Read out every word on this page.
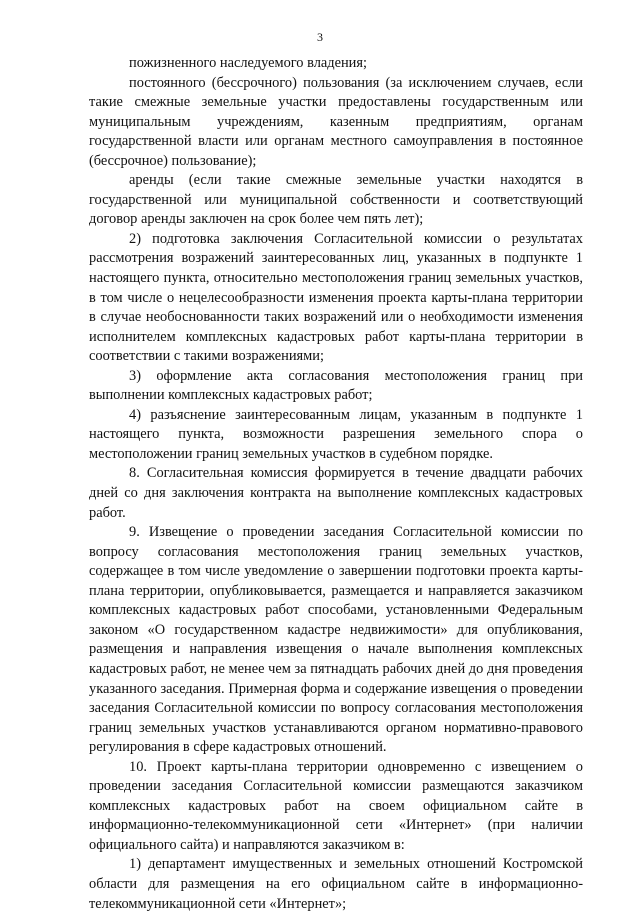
3

пожизненного наследуемого владения;

постоянного (бессрочного) пользования (за исключением случаев, если такие смежные земельные участки предоставлены государственным или муниципальным учреждениям, казенным предприятиям, органам государственной власти или органам местного самоуправления в постоянное (бессрочное) пользование);

аренды (если такие смежные земельные участки находятся в государственной или муниципальной собственности и соответствующий договор аренды заключен на срок более чем пять лет);

2) подготовка заключения Согласительной комиссии о результатах рассмотрения возражений заинтересованных лиц, указанных в подпункте 1 настоящего пункта, относительно местоположения границ земельных участков, в том числе о нецелесообразности изменения проекта карты-плана территории в случае необоснованности таких возражений или о необходимости изменения исполнителем комплексных кадастровых работ карты-плана территории в соответствии с такими возражениями;

3) оформление акта согласования местоположения границ при выполнении комплексных кадастровых работ;

4) разъяснение заинтересованным лицам, указанным в подпункте 1 настоящего пункта, возможности разрешения земельного спора о местоположении границ земельных участков в судебном порядке.

8. Согласительная комиссия формируется в течение двадцати рабочих дней со дня заключения контракта на выполнение комплексных кадастровых работ.

9. Извещение о проведении заседания Согласительной комиссии по вопросу согласования местоположения границ земельных участков, содержащее в том числе уведомление о завершении подготовки проекта карты-плана территории, опубликовывается, размещается и направляется заказчиком комплексных кадастровых работ способами, установленными Федеральным законом «О государственном кадастре недвижимости» для опубликования, размещения и направления извещения о начале выполнения комплексных кадастровых работ, не менее чем за пятнадцать рабочих дней до дня проведения указанного заседания. Примерная форма и содержание извещения о проведении заседания Согласительной комиссии по вопросу согласования местоположения границ земельных участков устанавливаются органом нормативно-правового регулирования в сфере кадастровых отношений.

10. Проект карты-плана территории одновременно с извещением о проведении заседания Согласительной комиссии размещаются заказчиком комплексных кадастровых работ на своем официальном сайте в информационно-телекоммуникационной сети «Интернет» (при наличии официального сайта) и направляются заказчиком в:

1) департамент имущественных и земельных отношений Костромской области для размещения на его официальном сайте в информационно-телекоммуникационной сети «Интернет»;
